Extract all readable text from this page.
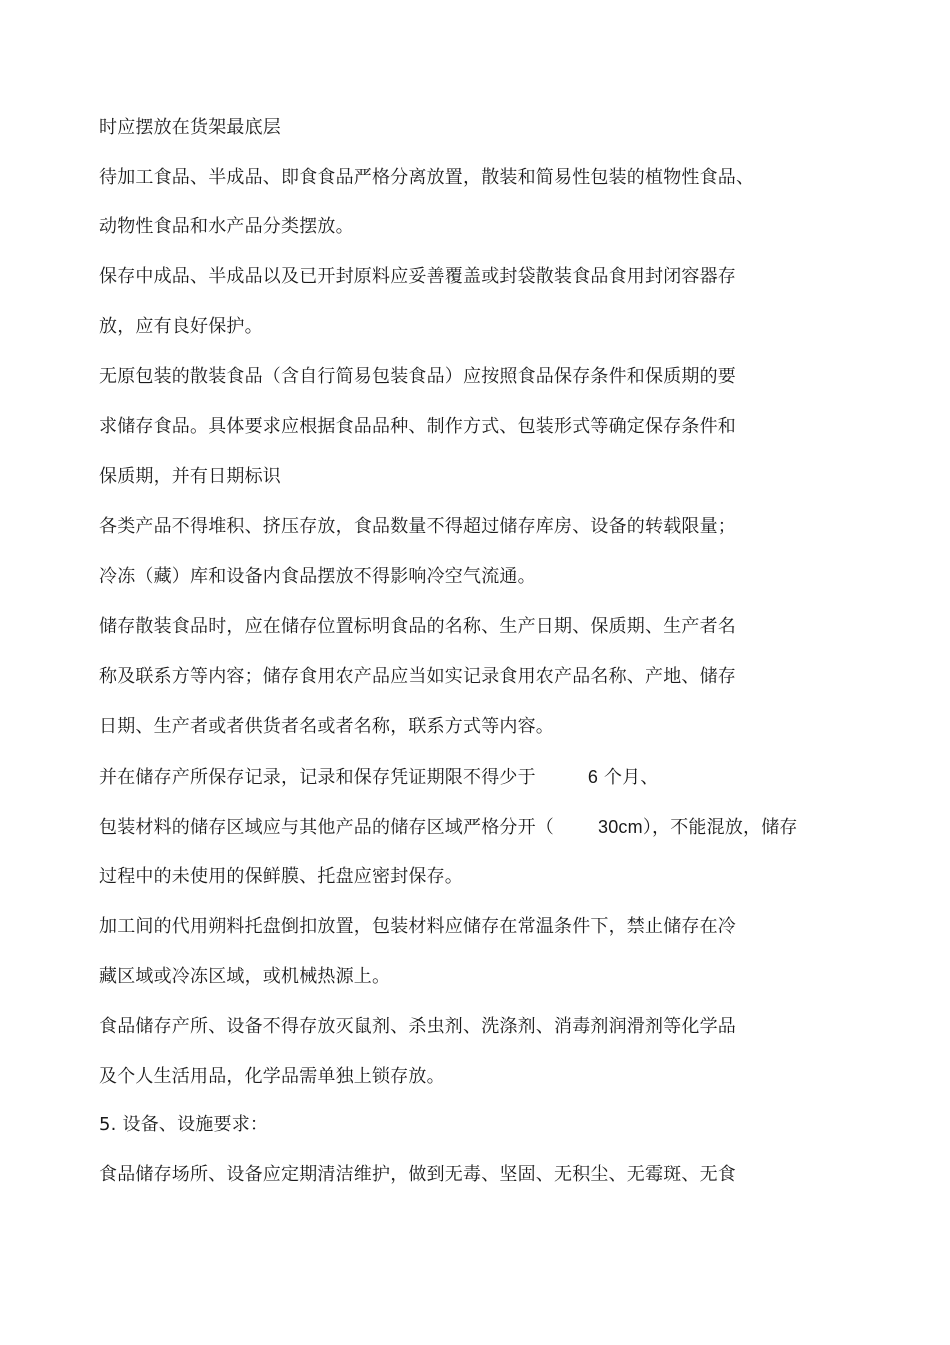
时应摆放在货架最底层
待加工食品、半成品、即食食品严格分离放置，散装和简易性包装的植物性食品、
动物性食品和水产品分类摆放。
保存中成品、半成品以及已开封原料应妥善覆盖或封袋散装食品食用封闭容器存
放，应有良好保护。
无原包装的散装食品（含自行简易包装食品）应按照食品保存条件和保质期的要
求储存食品。具体要求应根据食品品种、制作方式、包装形式等确定保存条件和
保质期，并有日期标识
各类产品不得堆积、挤压存放，食品数量不得超过储存库房、设备的转载限量；
冷冻（藏）库和设备内食品摆放不得影响冷空气流通。
储存散装食品时，应在储存位置标明食品的名称、生产日期、保质期、生产者名
称及联系方等内容；储存食用农产品应当如实记录食用农产品名称、产地、储存
日期、生产者或者供货者名或者名称，联系方式等内容。
并在储存产所保存记录，记录和保存凭证期限不得少于	6 个月、
包装材料的储存区域应与其他产品的储存区域严格分开（ 30cm），不能混放，储存
过程中的未使用的保鲜膜、托盘应密封保存。
加工间的代用朔料托盘倒扣放置，包装材料应储存在常温条件下，禁止储存在冷
藏区域或冷冻区域，或机械热源上。
食品储存产所、设备不得存放灭鼠剂、杀虫剂、洗涤剂、消毒剂润滑剂等化学品
及个人生活用品，化学品需单独上锁存放。
5. 设备、设施要求：
食品储存场所、设备应定期清洁维护，做到无毒、坚固、无积尘、无霉斑、无食
